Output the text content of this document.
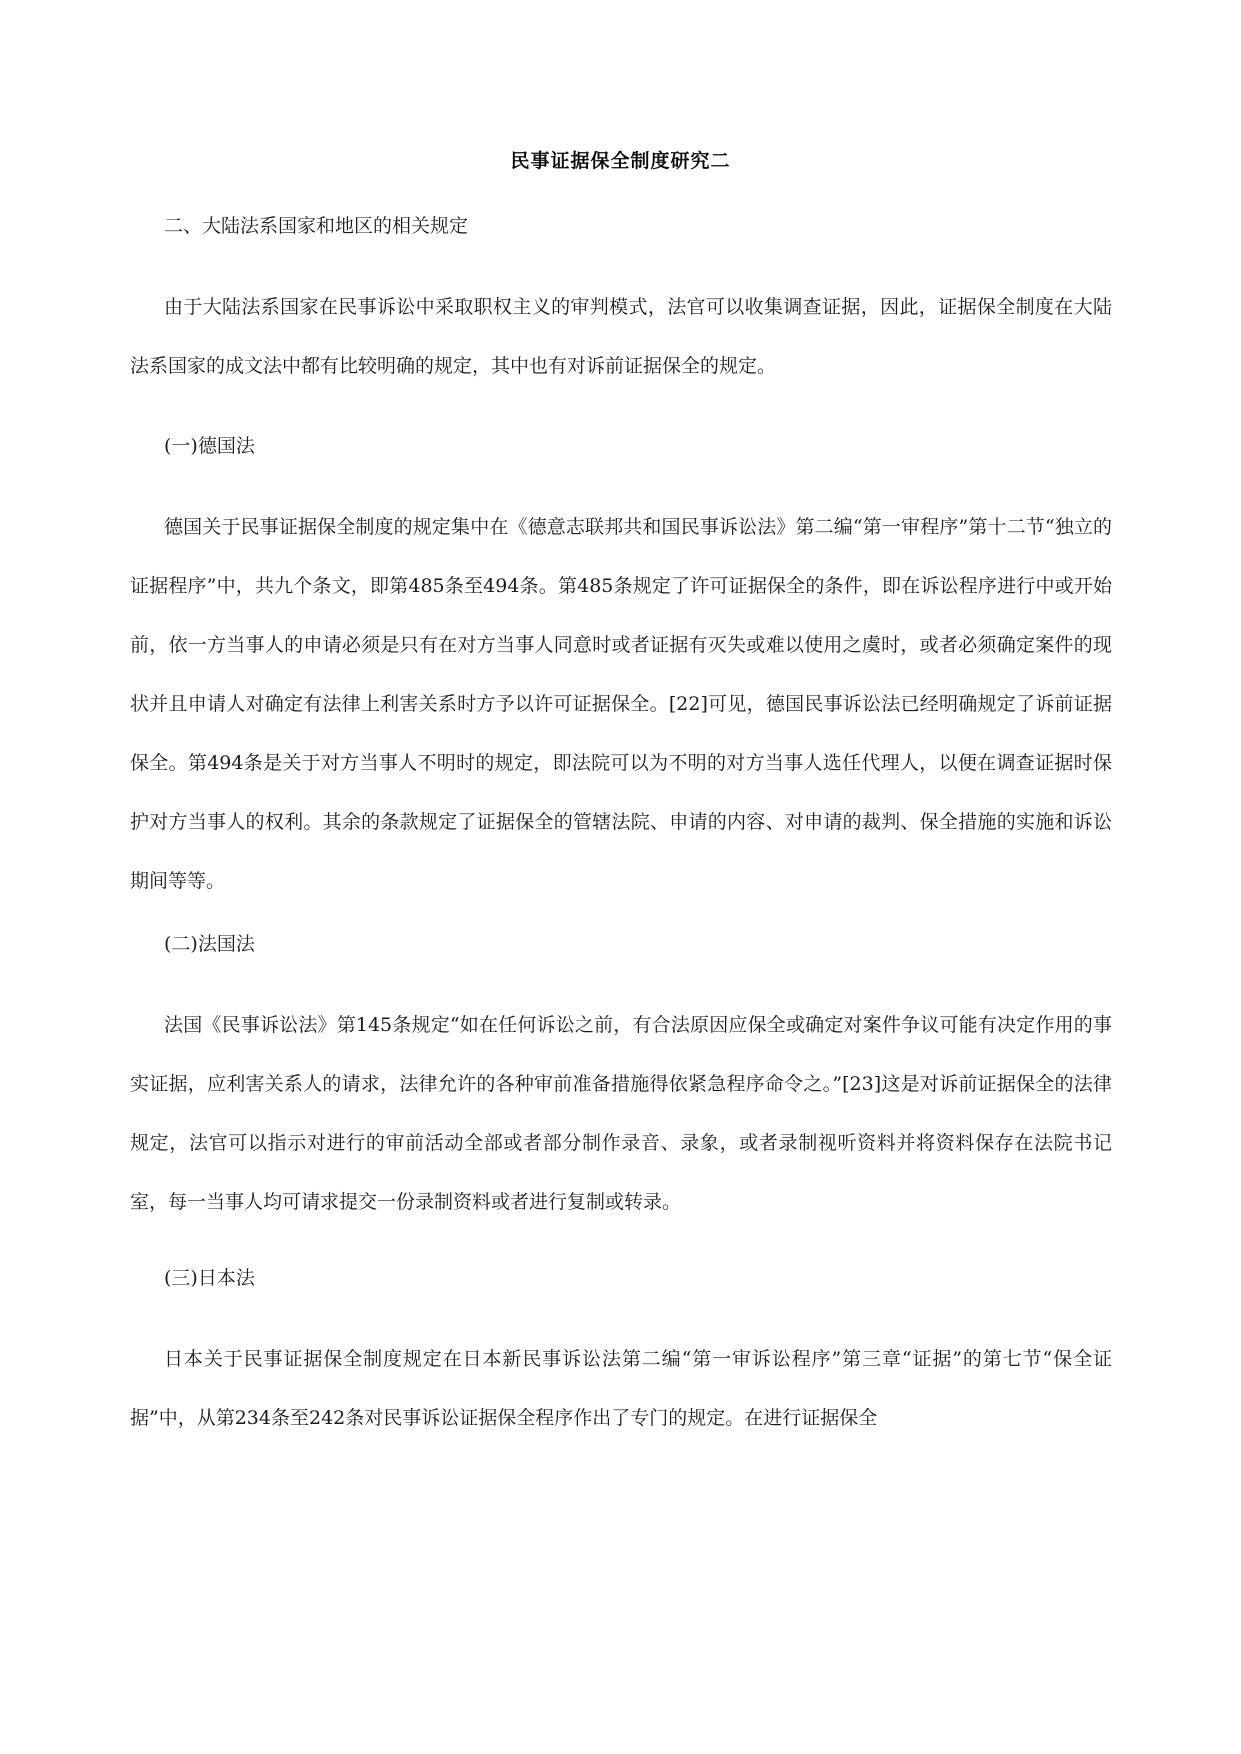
民事证据保全制度研究二
二、大陆法系国家和地区的相关规定
由于大陆法系国家在民事诉讼中采取职权主义的审判模式，法官可以收集调查证据，因此，证据保全制度在大陆法系国家的成文法中都有比较明确的规定，其中也有对诉前证据保全的规定。
(一)德国法
德国关于民事证据保全制度的规定集中在《德意志联邦共和国民事诉讼法》第二编“第一审程序”第十二节“独立的证据程序”中，共九个条文，即第485条至494条。第485条规定了许可证据保全的条件，即在诉讼程序进行中或开始前，依一方当事人的申请必须是只有在对方当事人同意时或者证据有灭失或难以使用之虞时，或者必须确定案件的现状并且申请人对确定有法律上利害关系时方予以许可证据保全。[22]可见，德国民事诉讼法已经明确规定了诉前证据保全。第494条是关于对方当事人不明时的规定，即法院可以为不明的对方当事人选任代理人，以便在调查证据时保护对方当事人的权利。其余的条款规定了证据保全的管辖法院、申请的内容、对申请的裁判、保全措施的实施和诉讼期间等等。
(二)法国法
法国《民事诉讼法》第145条规定“如在任何诉讼之前，有合法原因应保全或确定对案件争议可能有决定作用的事实证据，应利害关系人的请求，法律允许的各种审前准备措施得依紧急程序命令之。”[23]这是对诉前证据保全的法律规定，法官可以指示对进行的审前活动全部或者部分制作录音、录象，或者录制视听资料并将资料保存在法院书记室，每一当事人均可请求提交一份录制资料或者进行复制或转录。
(三)日本法
日本关于民事证据保全制度规定在日本新民事诉讼法第二编“第一审诉讼程序”第三章“证据”的第七节“保全证据”中，从第234条至242条对民事诉讼证据保全程序作出了专门的规定。在进行证据保全
